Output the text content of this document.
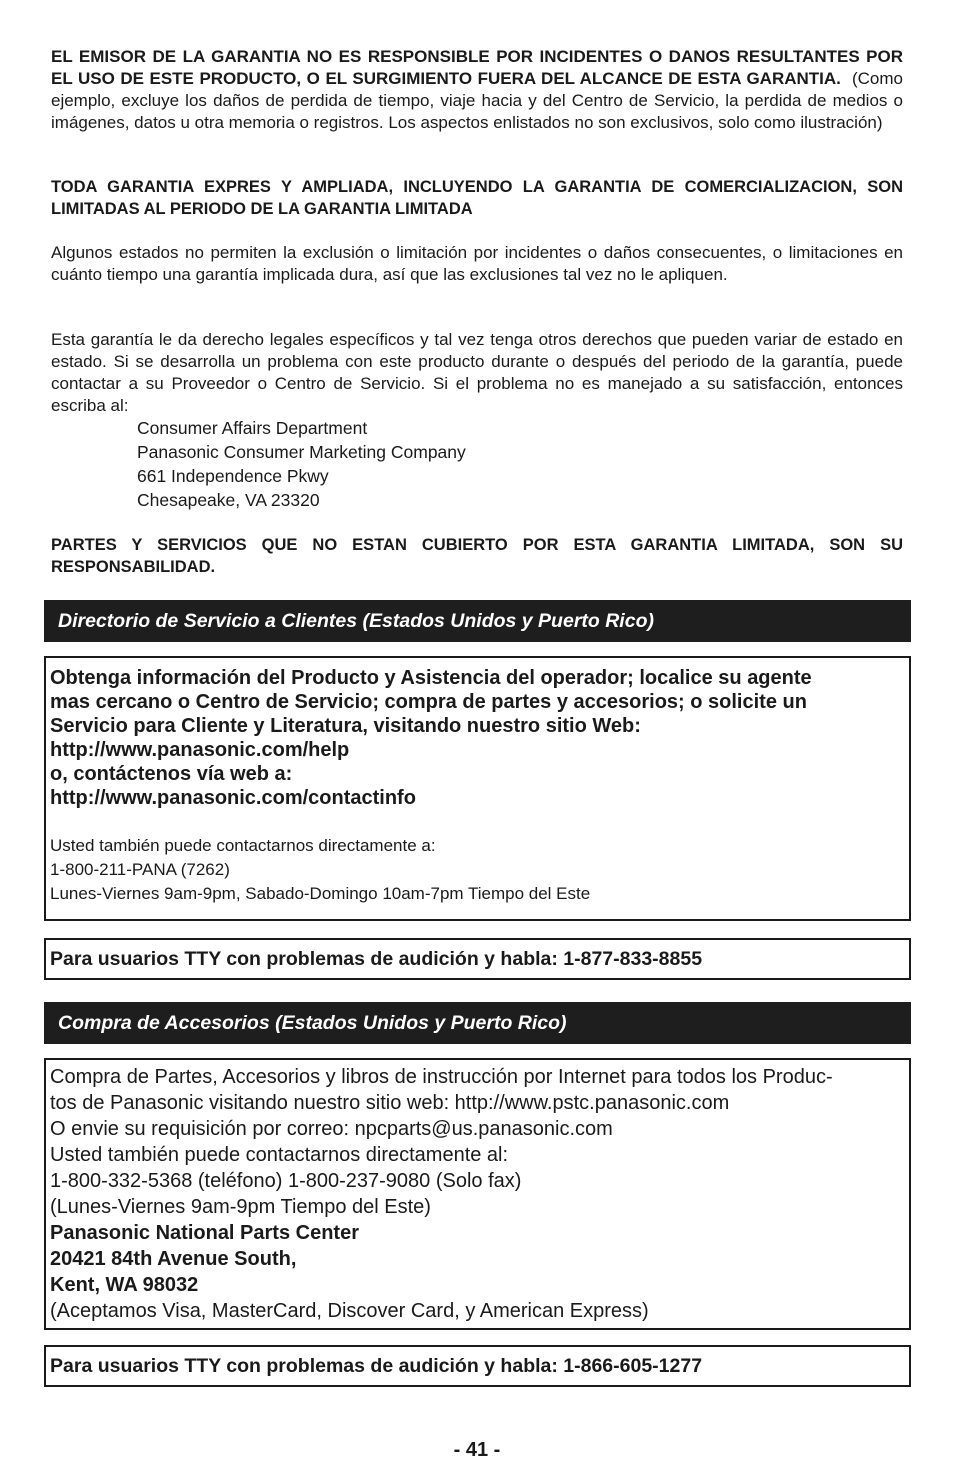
EL EMISOR DE LA GARANTIA NO ES RESPONSIBLE POR INCIDENTES O DANOS RESULTANTES POR EL USO DE ESTE PRODUCTO, O EL SURGIMIENTO FUERA DEL ALCANCE DE ESTA GARANTIA. (Como ejemplo, excluye los daños de perdida de tiempo, viaje hacia y del Centro de Servicio, la perdida de medios o imágenes, datos u otra memoria o registros. Los aspectos enlistados no son exclusivos, solo como ilustración)

TODA GARANTIA EXPRES Y AMPLIADA, INCLUYENDO LA GARANTIA DE COMERCIALIZACION, SON LIMITADAS AL PERIODO DE LA GARANTIA LIMITADA

Algunos estados no permiten la exclusión o limitación por incidentes o daños consecuentes, o limitaciones en cuánto tiempo una garantía implicada dura, así que las exclusiones tal vez no le apliquen.

Esta garantía le da derecho legales específicos y tal vez tenga otros derechos que pueden variar de estado en estado. Si se desarrolla un problema con este producto durante o después del periodo de la garantía, puede contactar a su Proveedor o Centro de Servicio. Si el problema no es manejado a su satisfacción, entonces escriba al:

Consumer Affairs Department
Panasonic Consumer Marketing Company
661 Independence Pkwy
Chesapeake, VA 23320

PARTES Y SERVICIOS QUE NO ESTAN CUBIERTO POR ESTA GARANTIA LIMITADA, SON SU RESPONSABILIDAD.

Directorio de Servicio a Clientes (Estados Unidos y Puerto Rico)
Obtenga información del Producto y Asistencia del operador; localice su agente
mas cercano o Centro de Servicio; compra de partes y accesorios; o solicite un
Servicio para Cliente y Literatura, visitando nuestro sitio Web:
http://www.panasonic.com/help
o, contáctenos vía web a:
http://www.panasonic.com/contactinfo
Usted también puede contactarnos directamente a:
1-800-211-PANA (7262)
Lunes-Viernes 9am-9pm, Sabado-Domingo 10am-7pm Tiempo del Este
Para usuarios TTY con problemas de audición y habla: 1-877-833-8855
Compra de Accesorios (Estados Unidos y Puerto Rico)
Compra de Partes, Accesorios y libros de instrucción por Internet para todos los Produc-
tos de Panasonic visitando nuestro sitio web: http://www.pstc.panasonic.com
O envie su requisición por correo: npcparts@us.panasonic.com
Usted también puede contactarnos directamente al:
1-800-332-5368 (teléfono) 1-800-237-9080 (Solo fax)
(Lunes-Viernes 9am-9pm Tiempo del Este)
Panasonic National Parts Center
20421 84th Avenue South,
Kent, WA 98032
(Aceptamos Visa, MasterCard, Discover Card, y American Express)
Para usuarios TTY con problemas de audición y habla: 1-866-605-1277
- 41 -
